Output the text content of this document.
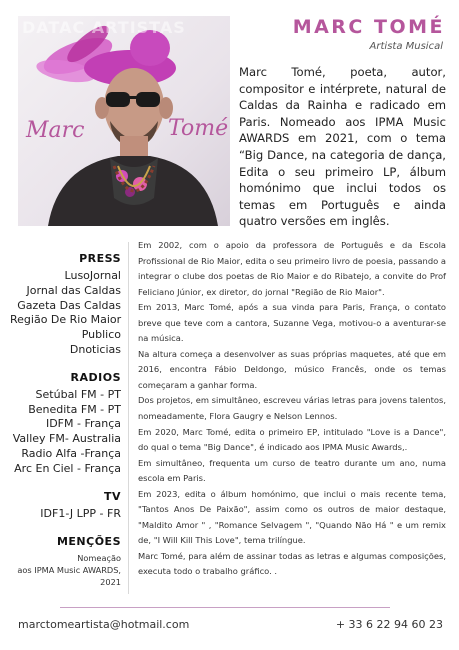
DATAC ARTISTAS
Marc	Tomé
MARC TOMÉ
Artista Musical
Marc Tomé, poeta, autor, compositor e intérprete, natural de Caldas da Rainha e radicado em Paris. Nomeado aos IPMA Music AWARDS em 2021, com o tema “Big Dance, na categoria de dança, Edita o seu primeiro LP, álbum homónimo que inclui todos os temas em Português e ainda quatro versões em inglês.
PRESS
LusoJornal
Jornal das Caldas
Gazeta Das Caldas
Região De Rio Maior
Publico
Dnoticias
RADIOS
Setúbal FM - PT
Benedita FM - PT
IDFM - França
Valley FM- Australia
Radio Alfa -França
Arc En Ciel - França
TV
IDF1-J LPP - FR
MENÇÕES
Nomeação
aos IPMA Music AWARDS,
2021

Em 2002, com o apoio da professora de Português e da Escola Profissional de Rio Maior, edita o seu primeiro livro de poesia, passando a integrar o clube dos poetas de Rio Maior e do Ribatejo, a convite do Prof Feliciano Júnior, ex diretor, do jornal "Região de Rio Maior".

Em 2013, Marc Tomé, após a sua vinda para Paris, França, o contato breve que teve com a cantora, Suzanne Vega, motivou-o a aventurar-se na música.

Na altura começa a desenvolver as suas próprias maquetes, até que em 2016, encontra Fábio Deldongo, músico Francês, onde os temas começaram a ganhar forma.

Dos projetos, em simultâneo, escreveu várias letras para jovens talentos, nomeadamente, Flora Gaugry e Nelson Lennos.

Em 2020, Marc Tomé, edita o primeiro EP, intitulado "Love is a Dance", do qual o tema "Big Dance", é indicado aos IPMA Music Awards,.

Em simultâneo, frequenta um curso de teatro durante um ano, numa escola em Paris.

Em 2023, edita o álbum homónimo, que inclui o mais recente tema, "Tantos Anos De Paixão", assim como os outros de maior destaque, "Maldito Amor " , "Romance Selvagem ", "Quando Não Há " e um remix de, "I Will Kill This Love", tema trilíngue.

Marc Tomé, para além de assinar todas as letras e algumas composições, executa todo o trabalho gráfico. .

marctomeartista@hotmail.com	+ 33 6 22 94 60 23
